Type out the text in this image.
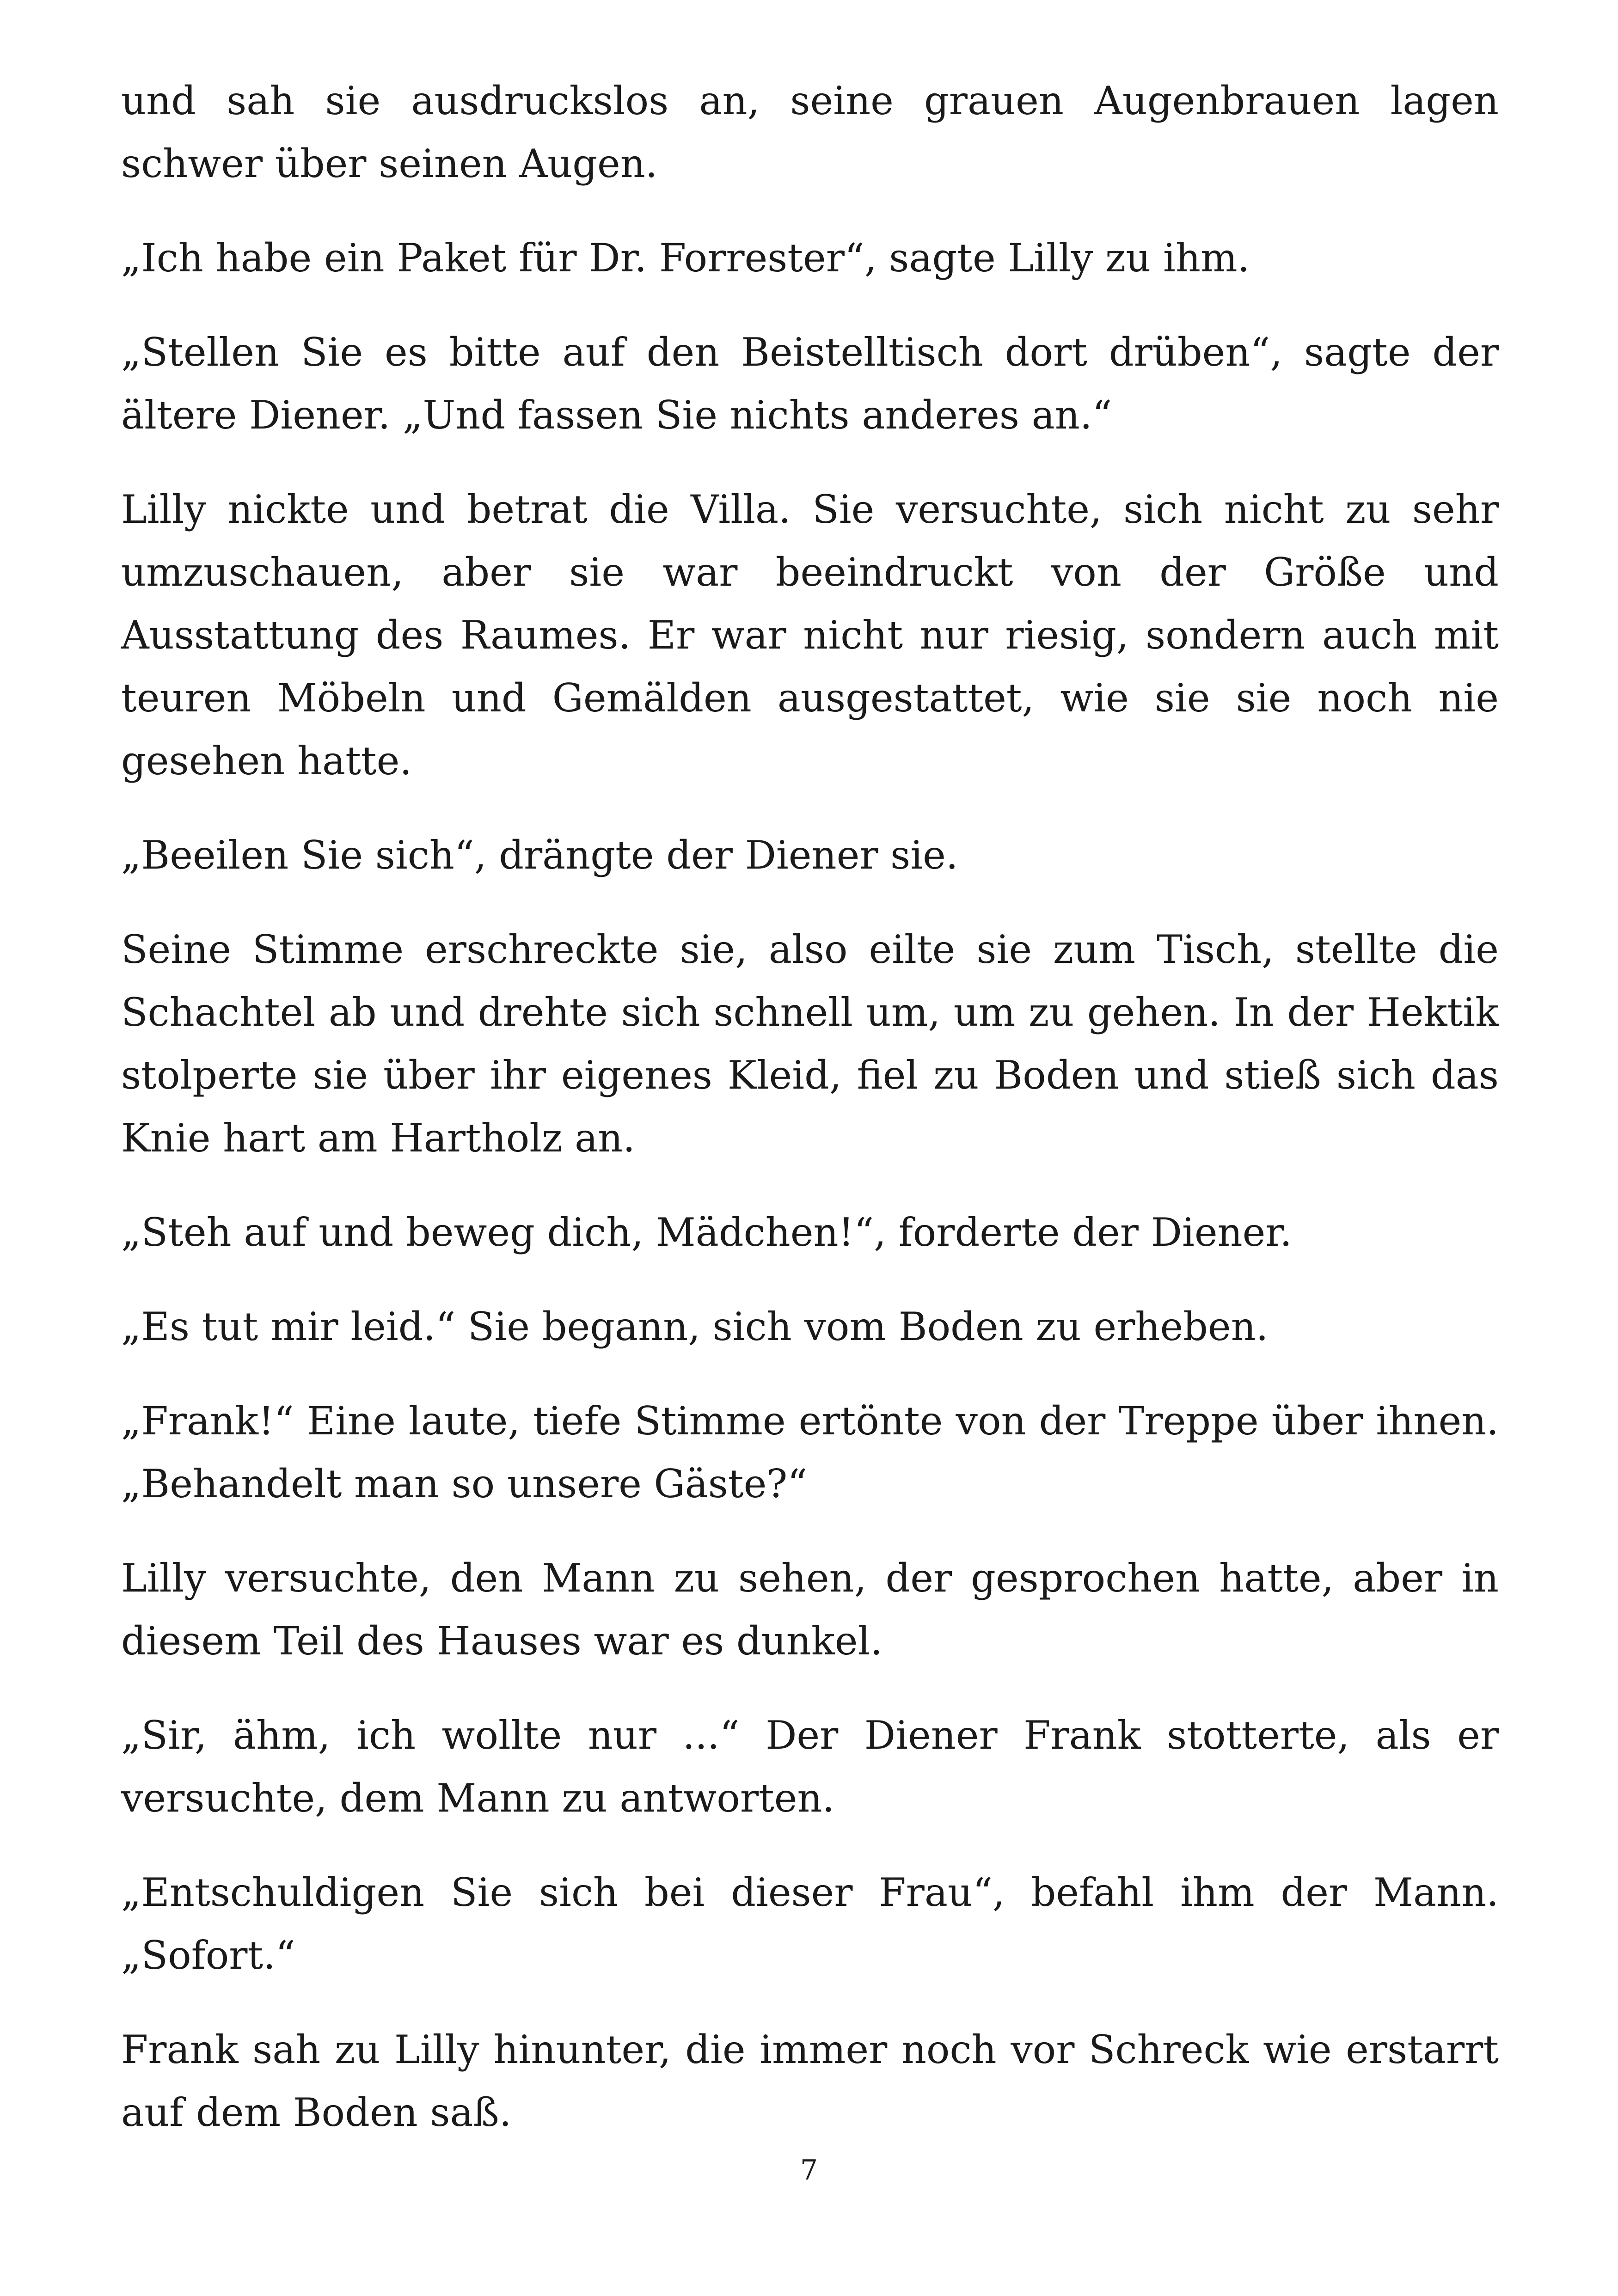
und sah sie ausdruckslos an, seine grauen Augenbrauen lagen schwer über seinen Augen.

„Ich habe ein Paket für Dr. Forrester“, sagte Lilly zu ihm.

„Stellen Sie es bitte auf den Beistelltisch dort drüben“, sagte der ältere Diener. „Und fassen Sie nichts anderes an.“

Lilly nickte und betrat die Villa. Sie versuchte, sich nicht zu sehr umzuschauen, aber sie war beeindruckt von der Größe und Ausstattung des Raumes. Er war nicht nur riesig, sondern auch mit teuren Möbeln und Gemälden ausgestattet, wie sie sie noch nie gesehen hatte.

„Beeilen Sie sich“, drängte der Diener sie.

Seine Stimme erschreckte sie, also eilte sie zum Tisch, stellte die Schachtel ab und drehte sich schnell um, um zu gehen. In der Hektik stolperte sie über ihr eigenes Kleid, fiel zu Boden und stieß sich das Knie hart am Hartholz an.

„Steh auf und beweg dich, Mädchen!“, forderte der Diener.

„Es tut mir leid.“ Sie begann, sich vom Boden zu erheben.

„Frank!“ Eine laute, tiefe Stimme ertönte von der Treppe über ihnen. „Behandelt man so unsere Gäste?“

Lilly versuchte, den Mann zu sehen, der gesprochen hatte, aber in diesem Teil des Hauses war es dunkel.

„Sir, ähm, ich wollte nur ...“ Der Diener Frank stotterte, als er versuchte, dem Mann zu antworten.

„Entschuldigen Sie sich bei dieser Frau“, befahl ihm der Mann. „Sofort.“

Frank sah zu Lilly hinunter, die immer noch vor Schreck wie erstarrt auf dem Boden saß.

7
